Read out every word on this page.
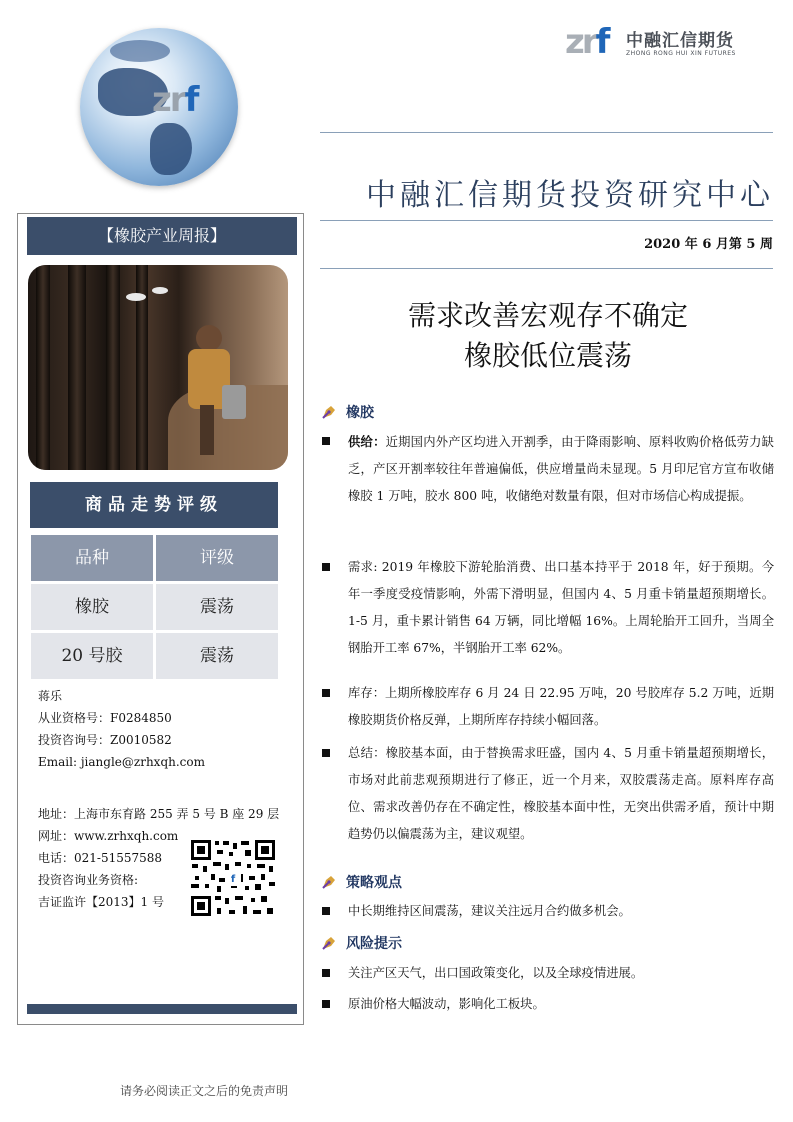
zrf
zrf 中融汇信期货
ZHONG RONG HUI XIN FUTURES
中融汇信期货投资研究中心
2020 年 6 月第 5 周
需求改善宏观存不确定
橡胶低位震荡
【橡胶产业周报】
商品走势评级
品种	评级
橡胶	震荡
20 号胶	震荡
蒋乐
从业资格号：F0284850
投资咨询号：Z0010582
Email: jiangle@zrhxqh.com
地址：上海市东育路 255 弄 5 号 B 座 29 层
网址：www.zrhxqh.com
电话：021-51557588
投资咨询业务资格:
吉证监许【2013】1 号
f
橡胶
供给：近期国内外产区均进入开割季，由于降雨影响、原料收购价格低劳力缺乏，产区开割率较往年普遍偏低，供应增量尚未显现。5 月印尼官方宣布收储橡胶 1 万吨，胶水 800 吨，收储绝对数量有限，但对市场信心构成提振。
需求: 2019 年橡胶下游轮胎消费、出口基本持平于 2018 年，好于预期。今年一季度受疫情影响，外需下滑明显，但国内 4、5 月重卡销量超预期增长。1-5 月，重卡累计销售 64 万辆，同比增幅 16%。上周轮胎开工回升，当周全钢胎开工率 67%，半钢胎开工率 62%。
库存：上期所橡胶库存 6 月 24 日 22.95 万吨，20 号胶库存 5.2 万吨，近期橡胶期货价格反弹，上期所库存持续小幅回落。
总结：橡胶基本面，由于替换需求旺盛，国内 4、5 月重卡销量超预期增长，市场对此前悲观预期进行了修正，近一个月来，双胶震荡走高。原料库存高位、需求改善仍存在不确定性，橡胶基本面中性，无突出供需矛盾，预计中期趋势仍以偏震荡为主，建议观望。
策略观点
中长期维持区间震荡，建议关注远月合约做多机会。
风险提示
关注产区天气，出口国政策变化，以及全球疫情进展。
原油价格大幅波动，影响化工板块。
请务必阅读正文之后的免责声明
